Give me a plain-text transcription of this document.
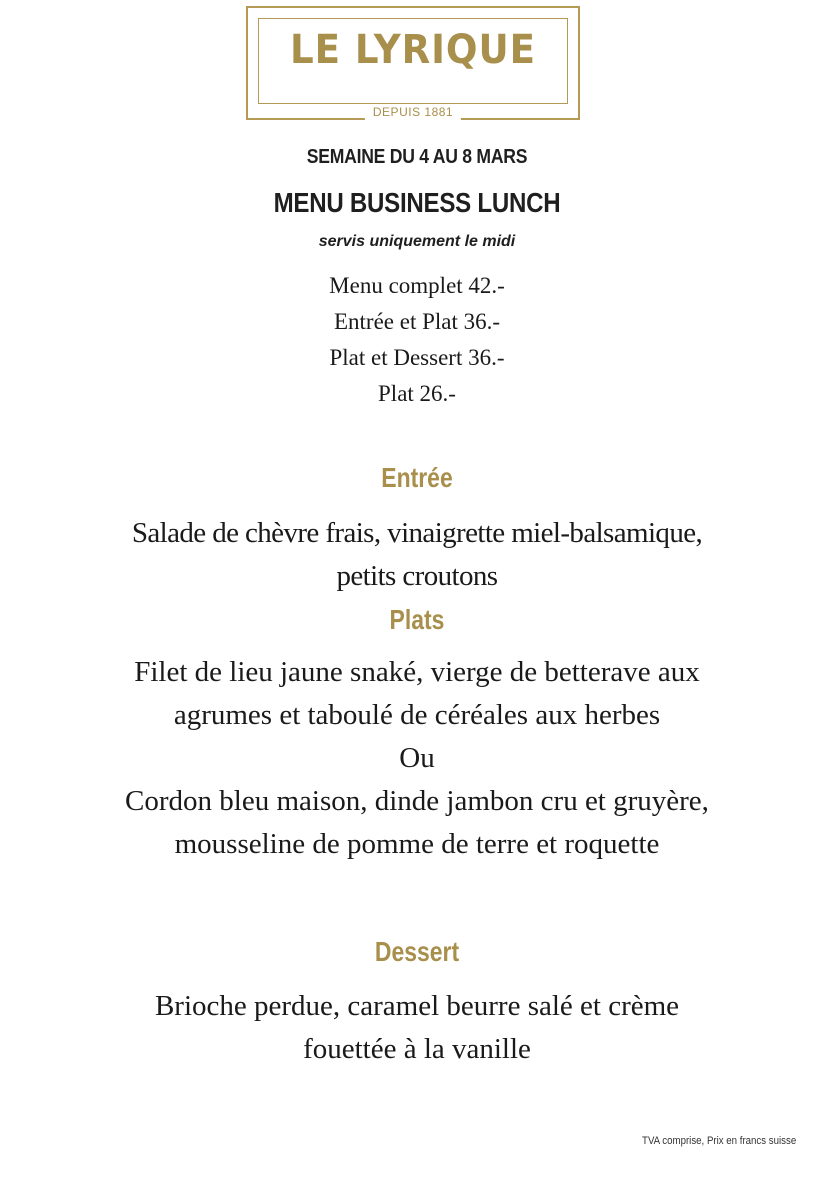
LE LYRIQUE
DEPUIS 1881
SEMAINE DU 4 AU 8 MARS
MENU BUSINESS LUNCH
servis uniquement le midi
Menu complet 42.-
Entrée et Plat 36.-
Plat et Dessert 36.-
Plat 26.-
Entrée
Salade de chèvre frais, vinaigrette miel-balsamique,
petits croutons
Plats
Filet de lieu jaune snaké, vierge de betterave aux
agrumes et taboulé de céréales aux herbes
Ou
Cordon bleu maison, dinde jambon cru et gruyère,
mousseline de pomme de terre et roquette
Dessert
Brioche perdue, caramel beurre salé et crème
fouettée à la vanille
TVA comprise, Prix en francs suisse
